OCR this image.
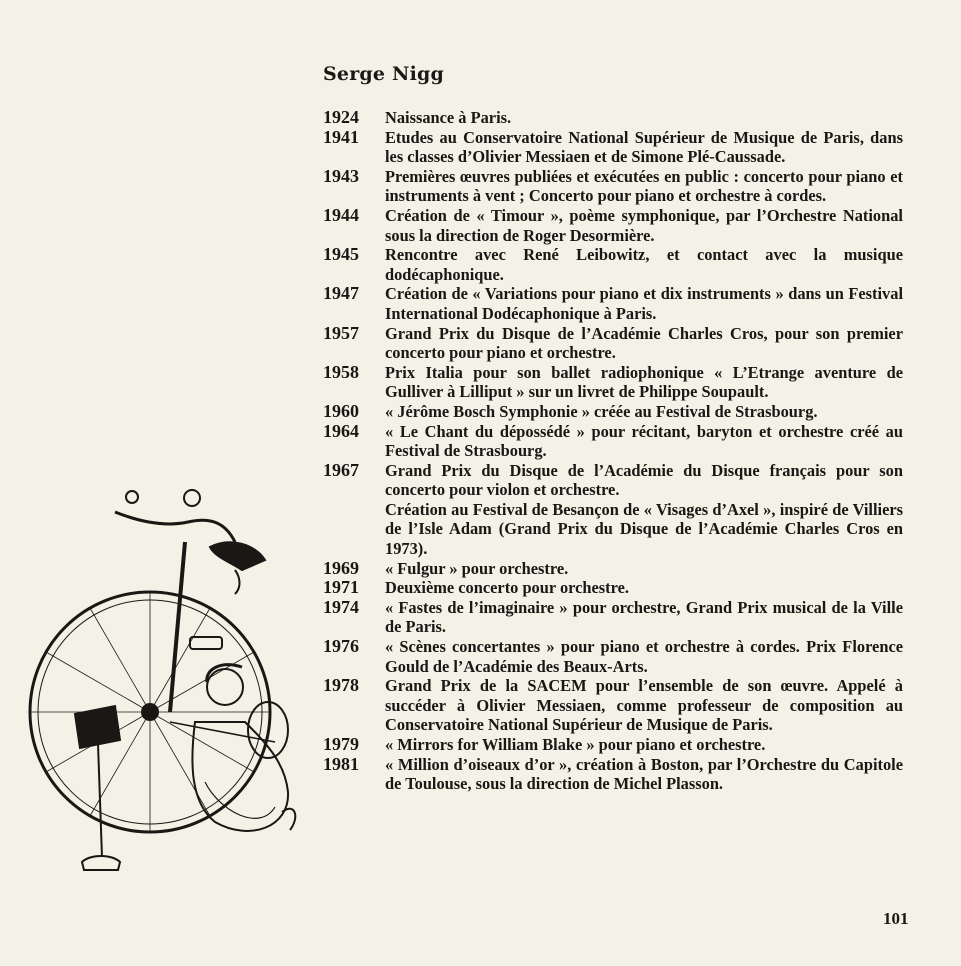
Serge Nigg
1924	Naissance à Paris.

1941	Etudes au Conservatoire National Supérieur de Musique de Paris, dans les classes d’Olivier Messiaen et de Simone Plé-Caussade.

1943	Premières œuvres publiées et exécutées en public : concerto pour piano et instruments à vent ; Concerto pour piano et orchestre à cordes.

1944	Création de « Timour », poème symphonique, par l’Orchestre National sous la direction de Roger Desormière.

1945	Rencontre avec René Leibowitz, et contact avec la musique dodécaphonique.

1947	Création de « Variations pour piano et dix instruments » dans un Festival International Dodécaphonique à Paris.

1957	Grand Prix du Disque de l’Académie Charles Cros, pour son premier concerto pour piano et orchestre.

1958	Prix Italia pour son ballet radiophonique « L’Etrange aventure de Gulliver à Lilliput » sur un livret de Philippe Soupault.

1960	« Jérôme Bosch Symphonie » créée au Festival de Strasbourg.

1964	« Le Chant du dépossédé » pour récitant, baryton et orchestre créé au Festival de Strasbourg.

1967	Grand Prix du Disque de l’Académie du Disque français pour son concerto pour violon et orchestre.

Création au Festival de Besançon de « Visages d’Axel », inspiré de Villiers de l’Isle Adam (Grand Prix du Disque de l’Académie Charles Cros en 1973).

1969	« Fulgur » pour orchestre.

1971	Deuxième concerto pour orchestre.

1974	« Fastes de l’imaginaire » pour orchestre, Grand Prix musical de la Ville de Paris.

1976	« Scènes concertantes » pour piano et orchestre à cordes. Prix Florence Gould de l’Académie des Beaux-Arts.

1978	Grand Prix de la SACEM pour l’ensemble de son œuvre. Appelé à succéder à Olivier Messiaen, comme professeur de composition au Conservatoire National Supérieur de Musique de Paris.

1979	« Mirrors for William Blake » pour piano et orchestre.

1981	« Million d’oiseaux d’or », création à Boston, par l’Orchestre du Capitole de Toulouse, sous la direction de Michel Plasson.

101
